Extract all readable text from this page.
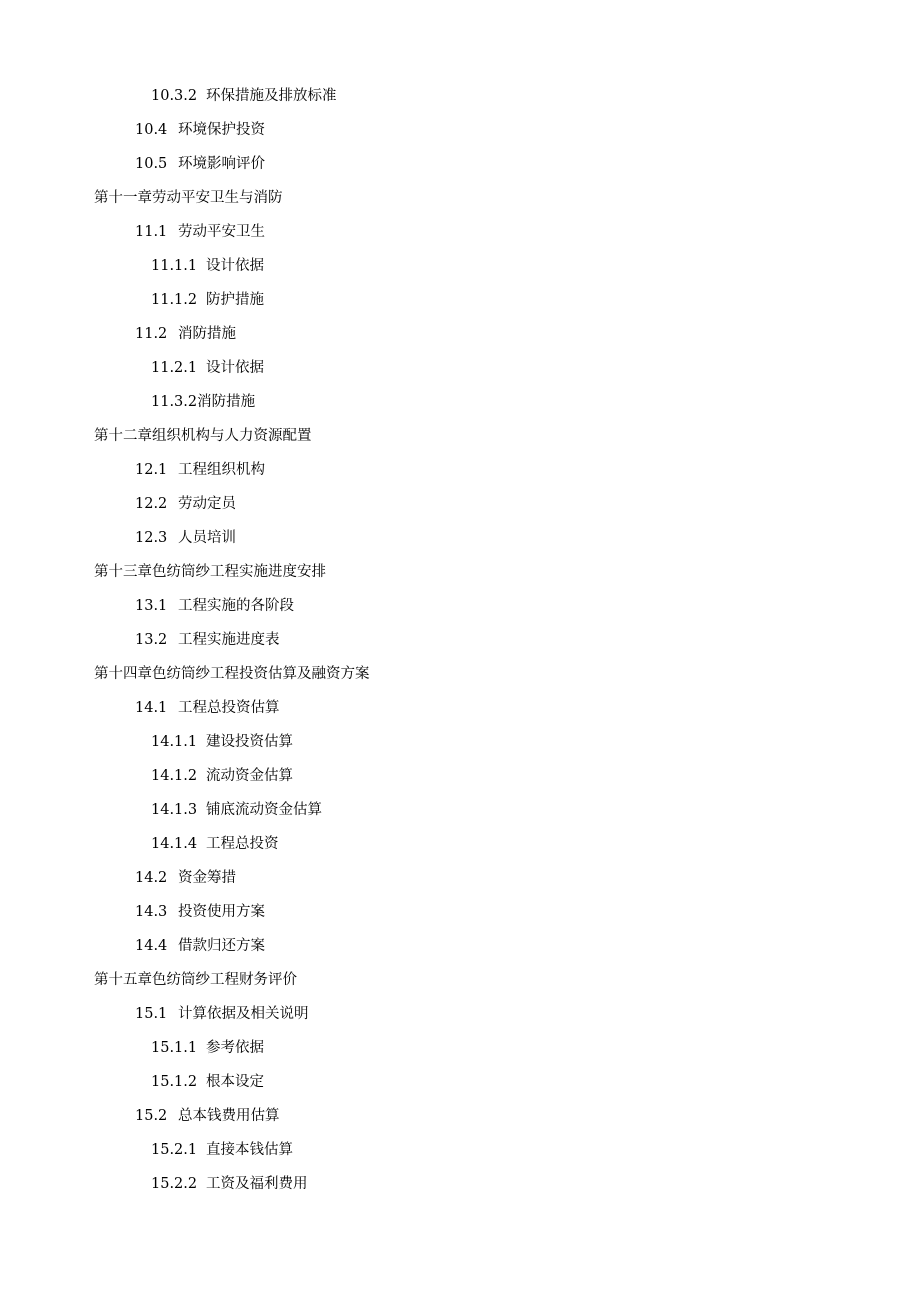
10.3.2 环保措施及排放标准
10.4 环境保护投资
10.5 环境影响评价
第十一章劳动平安卫生与消防
11.1 劳动平安卫生
11.1.1 设计依据
11.1.2 防护措施
11.2 消防措施
11.2.1 设计依据
11.3.2消防措施
第十二章组织机构与人力资源配置
12.1 工程组织机构
12.2 劳动定员
12.3 人员培训
第十三章色纺筒纱工程实施进度安排
13.1 工程实施的各阶段
13.2 工程实施进度表
第十四章色纺筒纱工程投资估算及融资方案
14.1 工程总投资估算
14.1.1 建设投资估算
14.1.2 流动资金估算
14.1.3 铺底流动资金估算
14.1.4 工程总投资
14.2 资金筹措
14.3 投资使用方案
14.4 借款归还方案
第十五章色纺筒纱工程财务评价
15.1 计算依据及相关说明
15.1.1 参考依据
15.1.2 根本设定
15.2 总本钱费用估算
15.2.1 直接本钱估算
15.2.2 工资及福利费用
